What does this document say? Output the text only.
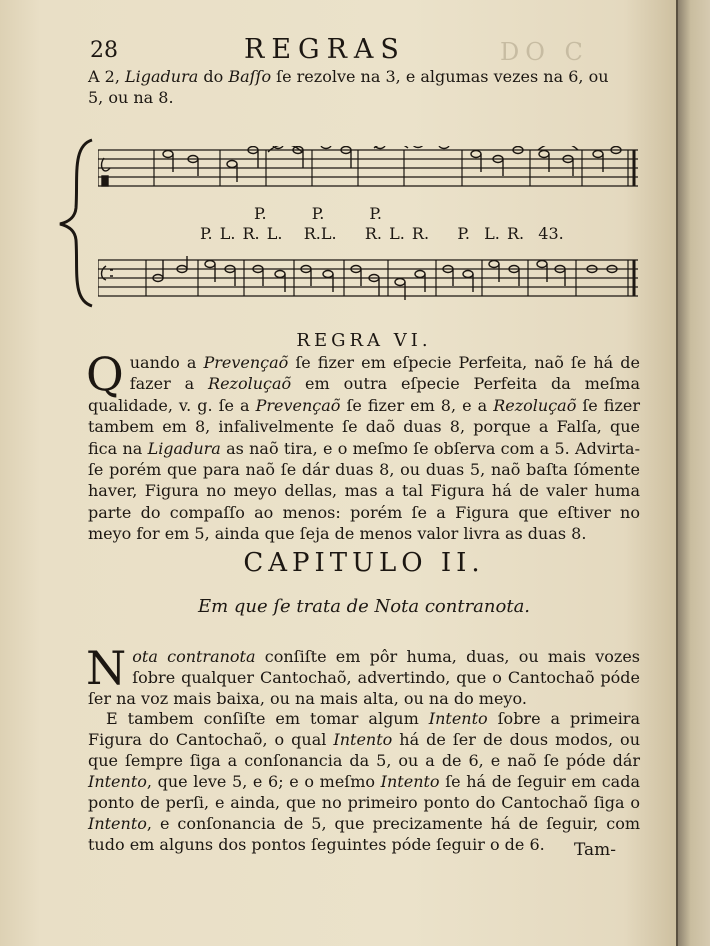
DO C
28	REGRAS
A 2, Ligadura do Baſſo ſe rezolve na 3, e algumas vezes na 6, ou
5, ou na 8.
P.	P.	P.
P. L. R. L. R.L. R. L. R. P. L. R. 43.
REGRA VI.
Quando a Prevençaõ ſe fizer em eſpecie Perfeita, naõ ſe há de fazer a Rezoluçaõ em outra eſpecie Perfeita da meſma qualidade, v. g. ſe a Prevençaõ ſe fizer em 8, e a Rezoluçaõ ſe fizer tambem em 8, infalivelmente ſe daõ duas 8, porque a Falſa, que fica na Ligadura as naõ tira, e o meſmo ſe obſerva com a 5. Advirta-ſe porém que para naõ ſe dár duas 8, ou duas 5, naõ baſta ſómente haver, Figura no meyo dellas, mas a tal Figura há de valer huma parte do compaſſo ao menos: porém ſe a Figura que eſtiver no meyo for em 5, ainda que ſeja de menos valor livra as duas 8.
CAPITULO II.
Em que ſe trata de Nota contranota.
Nota contranota conſiſte em pôr huma, duas, ou mais vozes ſobre qualquer Cantochaõ, advertindo, que o Cantochaõ póde ſer na voz mais baixa, ou na mais alta, ou na do meyo.
E tambem conſiſte em tomar algum Intento ſobre a primeira Figura do Cantochaõ, o qual Intento há de ſer de dous modos, ou que ſempre ſiga a conſonancia da 5, ou a de 6, e naõ ſe póde dár Intento, que leve 5, e 6; e o meſmo Intento ſe há de ſeguir em cada ponto de perſi, e ainda, que no primeiro ponto do Cantochaõ ſiga o Intento, e conſonancia de 5, que precizamente há de ſeguir, com tudo em alguns dos pontos ſeguintes póde ſeguir o de 6.	Tam-
